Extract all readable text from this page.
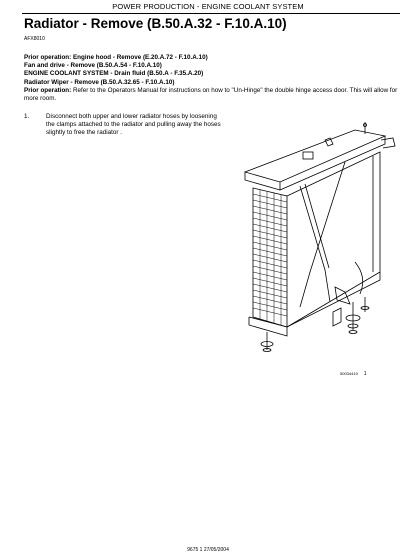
POWER PRODUCTION - ENGINE COOLANT SYSTEM
Radiator - Remove (B.50.A.32 - F.10.A.10)
AFX8010
Prior operation: Engine hood - Remove (E.20.A.72 - F.10.A.10)
Fan and drive - Remove (B.50.A.54 - F.10.A.10)
ENGINE COOLANT SYSTEM - Drain fluid (B.50.A - F.35.A.20)
Radiator Wiper - Remove (B.50.A.32.65 - F.10.A.10)
Prior operation: Refer to the Operators Manual for instructions on how to "Un-Hinge" the double hinge access door. This will allow for more room.
1.	Disconnect both upper and lower radiator hoses by loosening the clamps attached to the radiator and pulling away the hoses slightly to free the radiator .
50034410 1
9675 1 27/05/2004
